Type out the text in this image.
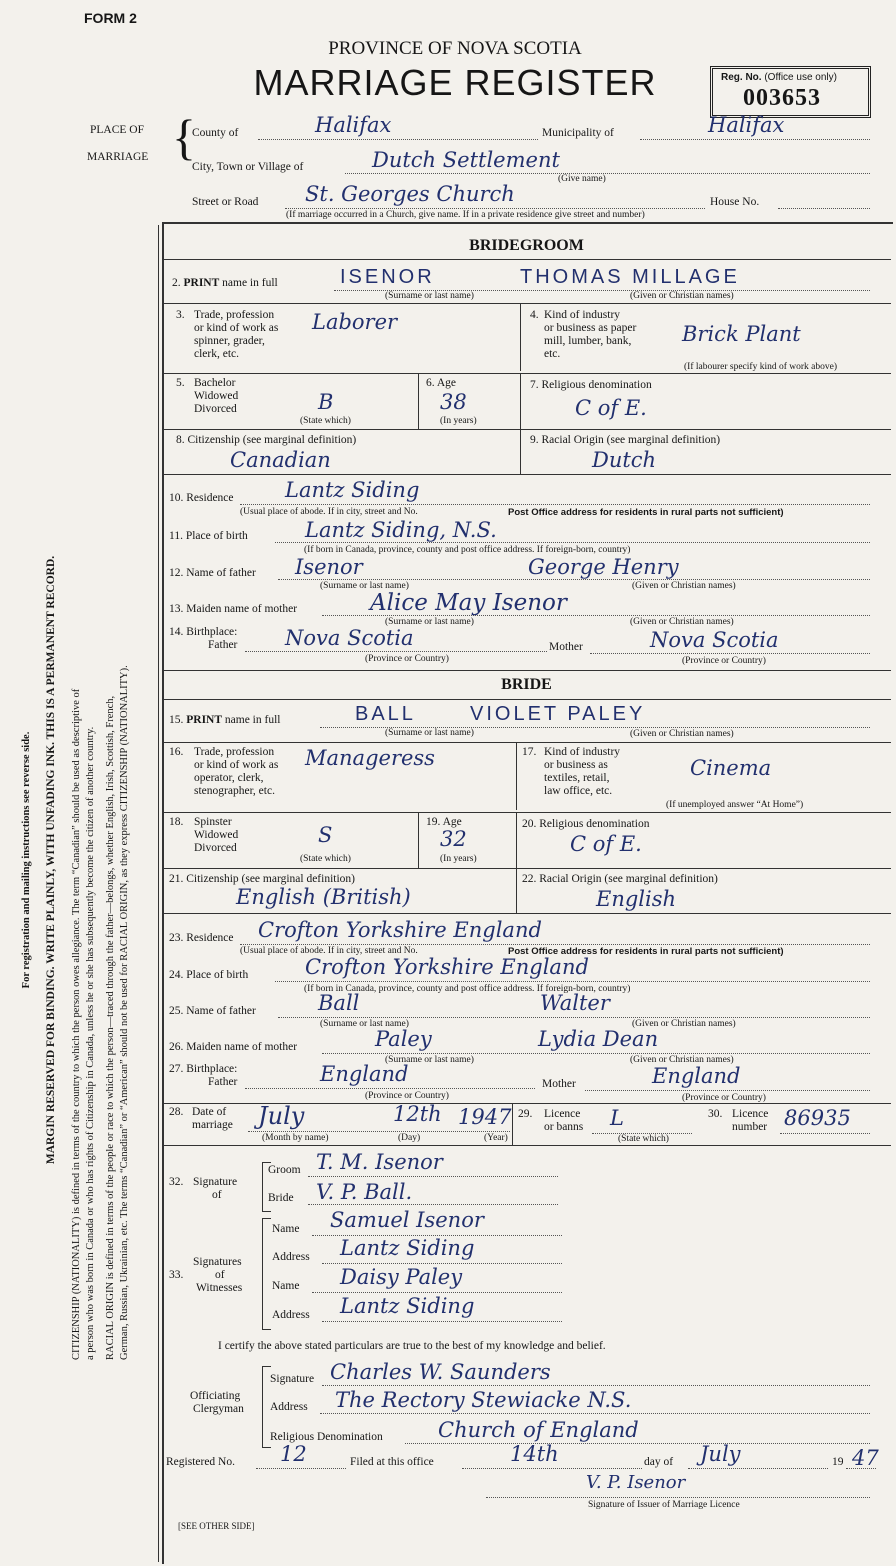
FORM 2
PROVINCE OF NOVA SCOTIA
MARRIAGE REGISTER	Reg. No. (Office use only)
003653
PLACE OF
MARRIAGE {
County of	Halifax	Municipality of	Halifax
City, Town or Village of	Dutch Settlement
(Give name)
Street or Road St. Georges Church	House No.
(If marriage occurred in a Church, give name. If in a private residence give street and number)
BRIDEGROOM
2. PRINT name in full	ISENOR	THOMAS MILLAGE
(Surname or last name)	(Given or Christian names)
3. Trade, profession
or kind of work as
spinner, grader,
clerk, etc.
Laborer	4. Kind of industry
or business as paper
mill, lumber, bank,
etc.
Brick Plant
(If labourer specify kind of work above)
5. Bachelor
Widowed
Divorced	B
(State which)
6. Age
38
(In years)
7. Religious denomination
C of E.
8. Citizenship (see marginal definition)
Canadian
9. Racial Origin (see marginal definition)
Dutch
10. Residence Lantz Siding
(Usual place of abode. If in city, street and No.	Post Office address for residents in rural parts not sufficient)
11. Place of birth	Lantz Siding, N.S.
(If born in Canada, province, county and post office address. If foreign-born, country)
12. Name of father Isenor	George Henry
(Surname or last name)	(Given or Christian names)
13. Maiden name of mother	Alice May Isenor
(Surname or last name)	(Given or Christian names)
14. Birthplace:
Father Nova Scotia	Mother	Nova Scotia
(Province or Country)	(Province or Country)
BRIDE
15. PRINT name in full	BALL	VIOLET PALEY
(Surname or last name)	(Given or Christian names)
16. Trade, profession
or kind of work as
operator, clerk,
stenographer, etc.
Manageress	17. Kind of industry
or business as
textiles, retail,
law office, etc.
Cinema
(If unemployed answer “At Home”)
18. Spinster
Widowed
Divorced
S
(State which)
19. Age
32
(In years)
20. Religious denomination
C of E.
21. Citizenship (see marginal definition)
English (British)
22. Racial Origin (see marginal definition)
English
23. Residence Crofton Yorkshire England
(Usual place of abode. If in city, street and No.	Post Office address for residents in rural parts not sufficient)
24. Place of birth	Crofton Yorkshire England
(If born in Canada, province, county and post office address. If foreign-born, country)
25. Name of father	Ball	Walter
(Surname or last name)	(Given or Christian names)
26. Maiden name of mother	Paley	Lydia Dean
(Surname or last name)	(Given or Christian names)
27. Birthplace:
Father	England	Mother	England
(Province or Country)	(Province or Country)
28. Date of
marriage July	12th 1947
(Month by name)	(Day)	(Year)
29. Licence
or banns L
(State which)
30. Licence
number 86935
32. Signature
of
Groom T. M. Isenor
Bride V. P. Ball.
33.
Signatures
of
Witnesses
Name Samuel Isenor
Address Lantz Siding
Name Daisy Paley
Address Lantz Siding
I certify the above stated particulars are true to the best of my knowledge and belief.
Officiating
Clergyman
Signature Charles W. Saunders
Address The Rectory Stewiacke N.S.
Religious Denomination	Church of England
Registered No. 12	Filed at this office	14th	day of July	19 47
V. P. Isenor
Signature of Issuer of Marriage Licence
[SEE OTHER SIDE]
For registration and mailing instructions see reverse side. MARGIN RESERVED FOR BINDING. WRITE PLAINLY, WITH UNFADING INK. THIS IS A PERMANENT RECORD. CITIZENSHIP (NATIONALITY) is defined in terms of the country to which the person owes allegiance. The term “Canadian” should be used as descriptive of a person who was born in Canada or who has rights of Citizenship in Canada, unless he or she has subsequently become the citizen of another country. RACIAL ORIGIN is defined in terms of the people or race to which the person—traced through the father—belongs, whether English, Irish, Scottish, French, German, Russian, Ukrainian, etc. The terms “Canadian” or “American” should not be used for RACIAL ORIGIN, as they express CITIZENSHIP (NATIONALITY).
